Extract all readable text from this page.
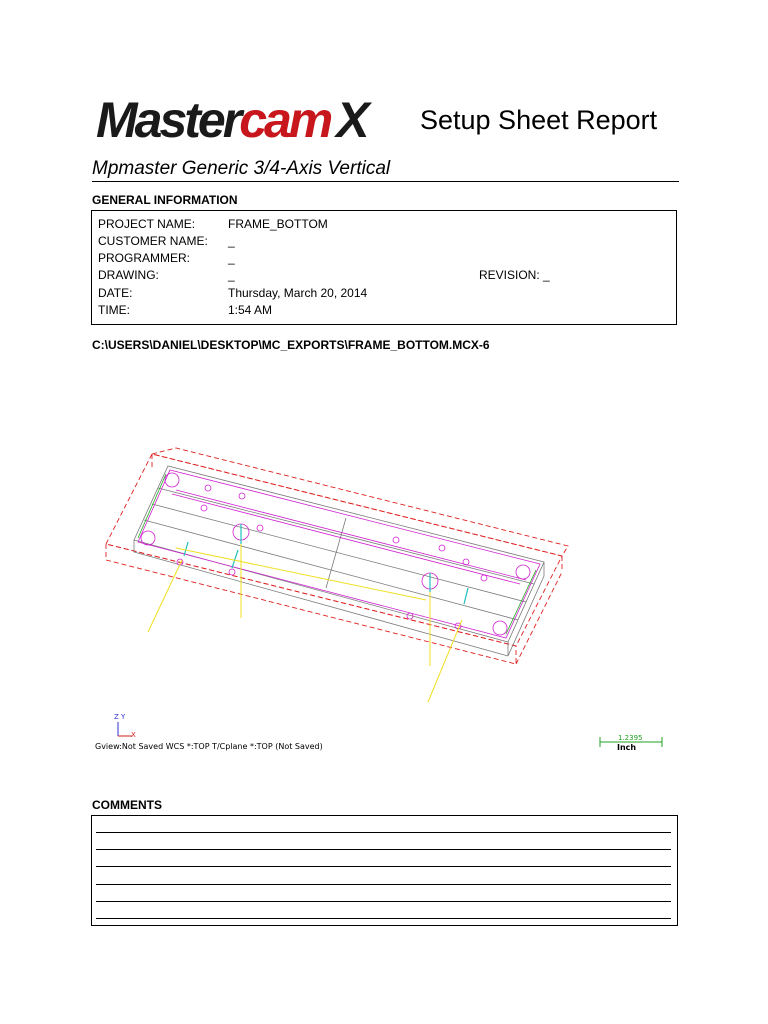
Mastercam X Setup Sheet Report
Mpmaster Generic 3/4-Axis Vertical
GENERAL INFORMATION
PROJECT NAME:	FRAME_BOTTOM
CUSTOMER NAME: _
PROGRAMMER:	_
DRAWING:	_	REVISION: _
DATE:	Thursday, March 20, 2014
TIME:	1:54 AM
C:\USERS\DANIEL\DESKTOP\MC_EXPORTS\FRAME_BOTTOM.MCX-6
Z Y
X
Gview:Not Saved WCS *:TOP T/Cplane *:TOP (Not Saved)
1.2395
Inch
COMMENTS
